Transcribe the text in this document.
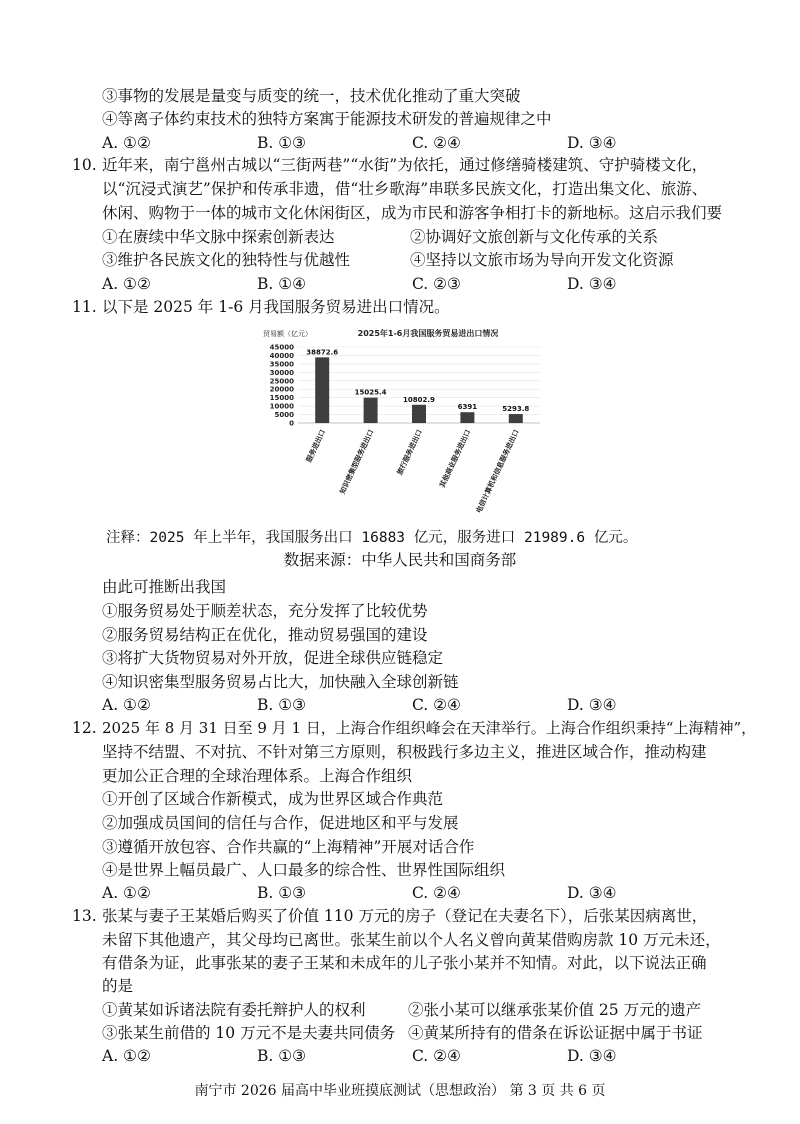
③事物的发展是量变与质变的统一，技术优化推动了重大突破
④等离子体约束技术的独特方案寓于能源技术研发的普遍规律之中
A. ①②	B. ①③	C. ②④	D. ③④
10. 近年来，南宁邕州古城以“三街两巷”“水街”为依托，通过修缮骑楼建筑、守护骑楼文化，
以“沉浸式演艺”保护和传承非遗，借“壮乡歌海”串联多民族文化，打造出集文化、旅游、
休闲、购物于一体的城市文化休闲街区，成为市民和游客争相打卡的新地标。这启示我们要
①在赓续中华文脉中探索创新表达	②协调好文旅创新与文化传承的关系
③维护各民族文化的独特性与优越性	④坚持以文旅市场为导向开发文化资源
A. ①②	B. ①④	C. ②③	D. ③④
11. 以下是 2025 年 1-6 月我国服务贸易进出口情况。
贸易额（亿元）	2025年1-6月我国服务贸易进出口情况
0
5000
10000
15000
20000
25000
30000
35000
40000
45000
38872.6
15025.4
10802.9
6391	5293.8
服务进出口 知识密集型服务进出口	旅行服务进出口 其他商业服务进出口 电信计算机和信息服务进出口
注释：2025 年上半年，我国服务出口 16883 亿元，服务进口 21989.6 亿元。
数据来源：中华人民共和国商务部
由此可推断出我国
①服务贸易处于顺差状态，充分发挥了比较优势
②服务贸易结构正在优化，推动贸易强国的建设
③将扩大货物贸易对外开放，促进全球供应链稳定
④知识密集型服务贸易占比大，加快融入全球创新链
A. ①②	B. ①③	C. ②④	D. ③④
12. 2025 年 8 月 31 日至 9 月 1 日，上海合作组织峰会在天津举行。上海合作组织秉持“上海精神”，
坚持不结盟、不对抗、不针对第三方原则，积极践行多边主义，推进区域合作，推动构建
更加公正合理的全球治理体系。上海合作组织
①开创了区域合作新模式，成为世界区域合作典范
②加强成员国间的信任与合作，促进地区和平与发展
③遵循开放包容、合作共赢的“上海精神”开展对话合作
④是世界上幅员最广、人口最多的综合性、世界性国际组织
A. ①②	B. ①③	C. ②④	D. ③④
13. 张某与妻子王某婚后购买了价值 110 万元的房子（登记在夫妻名下），后张某因病离世，
未留下其他遗产，其父母均已离世。张某生前以个人名义曾向黄某借购房款 10 万元未还，
有借条为证，此事张某的妻子王某和未成年的儿子张小某并不知情。对此，以下说法正确
的是
①黄某如诉诸法院有委托辩护人的权利	②张小某可以继承张某价值 25 万元的遗产
③张某生前借的 10 万元不是夫妻共同债务 ④黄某所持有的借条在诉讼证据中属于书证
A. ①②	B. ①③	C. ②④	D. ③④
南宁市 2026 届高中毕业班摸底测试（思想政治） 第 3 页 共 6 页
